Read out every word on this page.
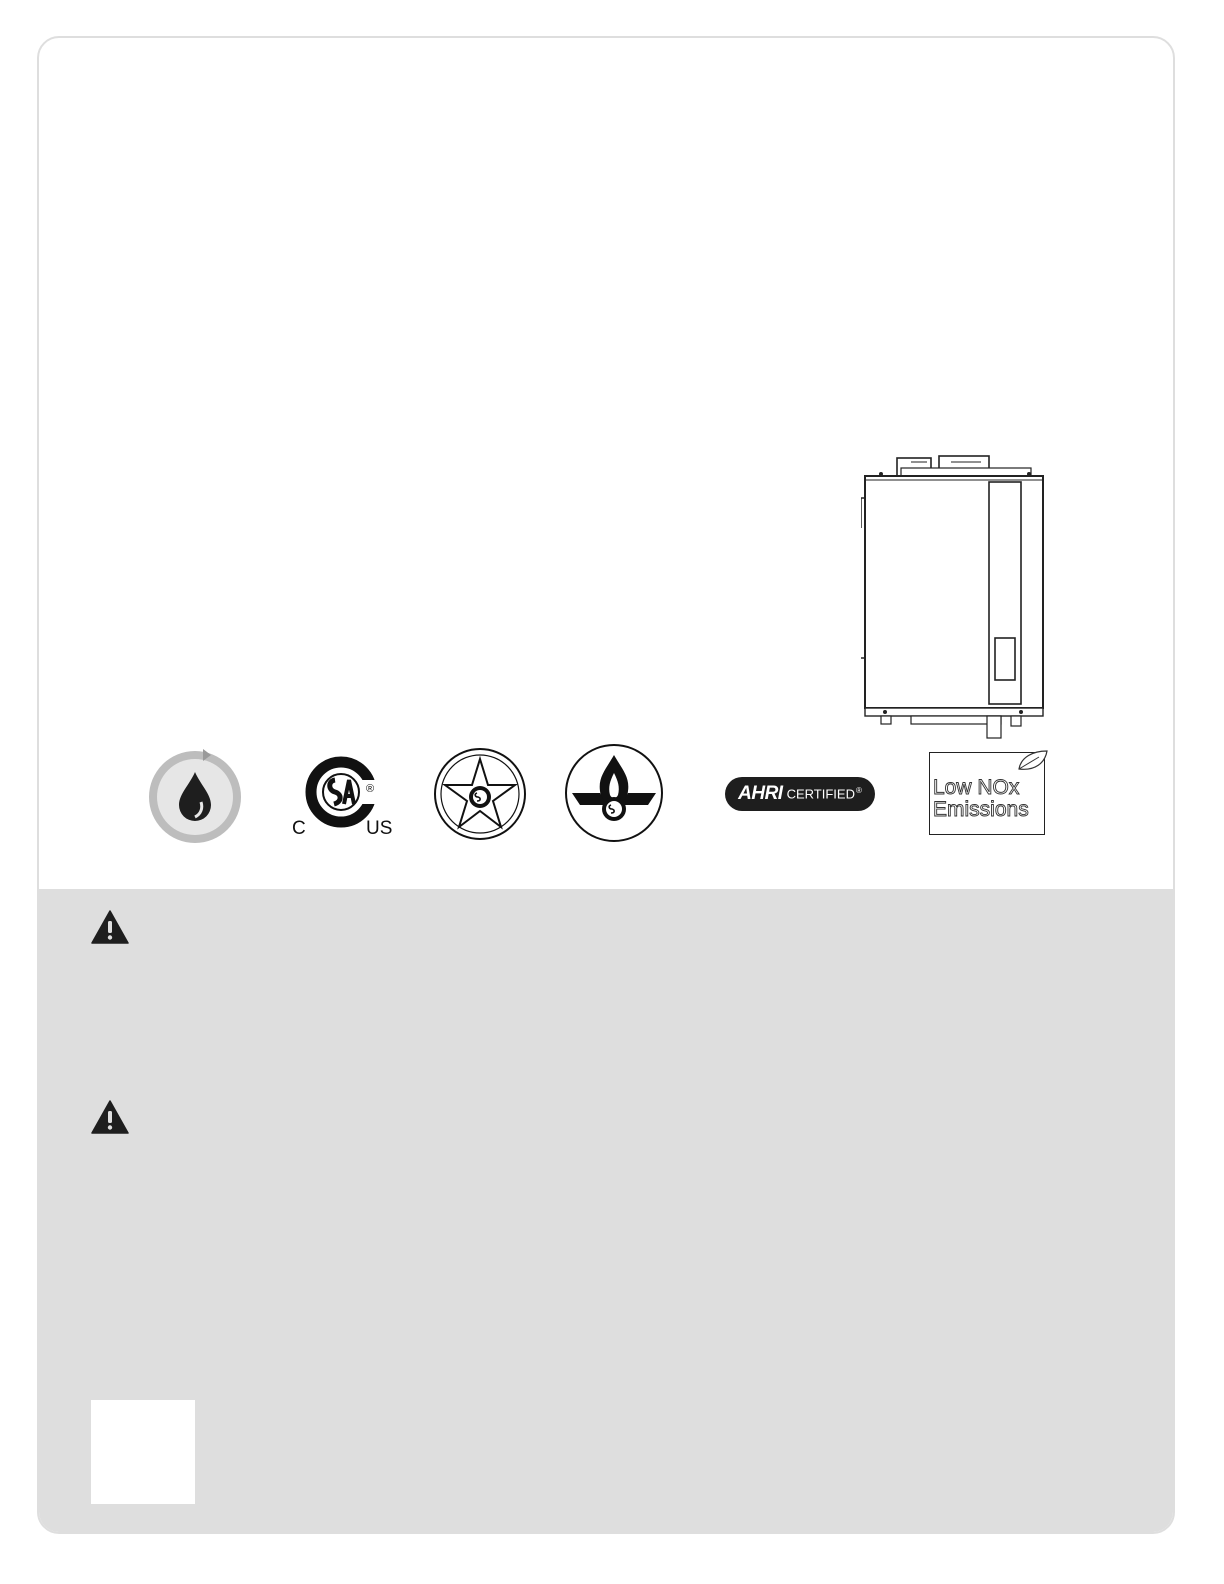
®
C	US
AHRI CERTIFIED®	Low NOx
Emissions
